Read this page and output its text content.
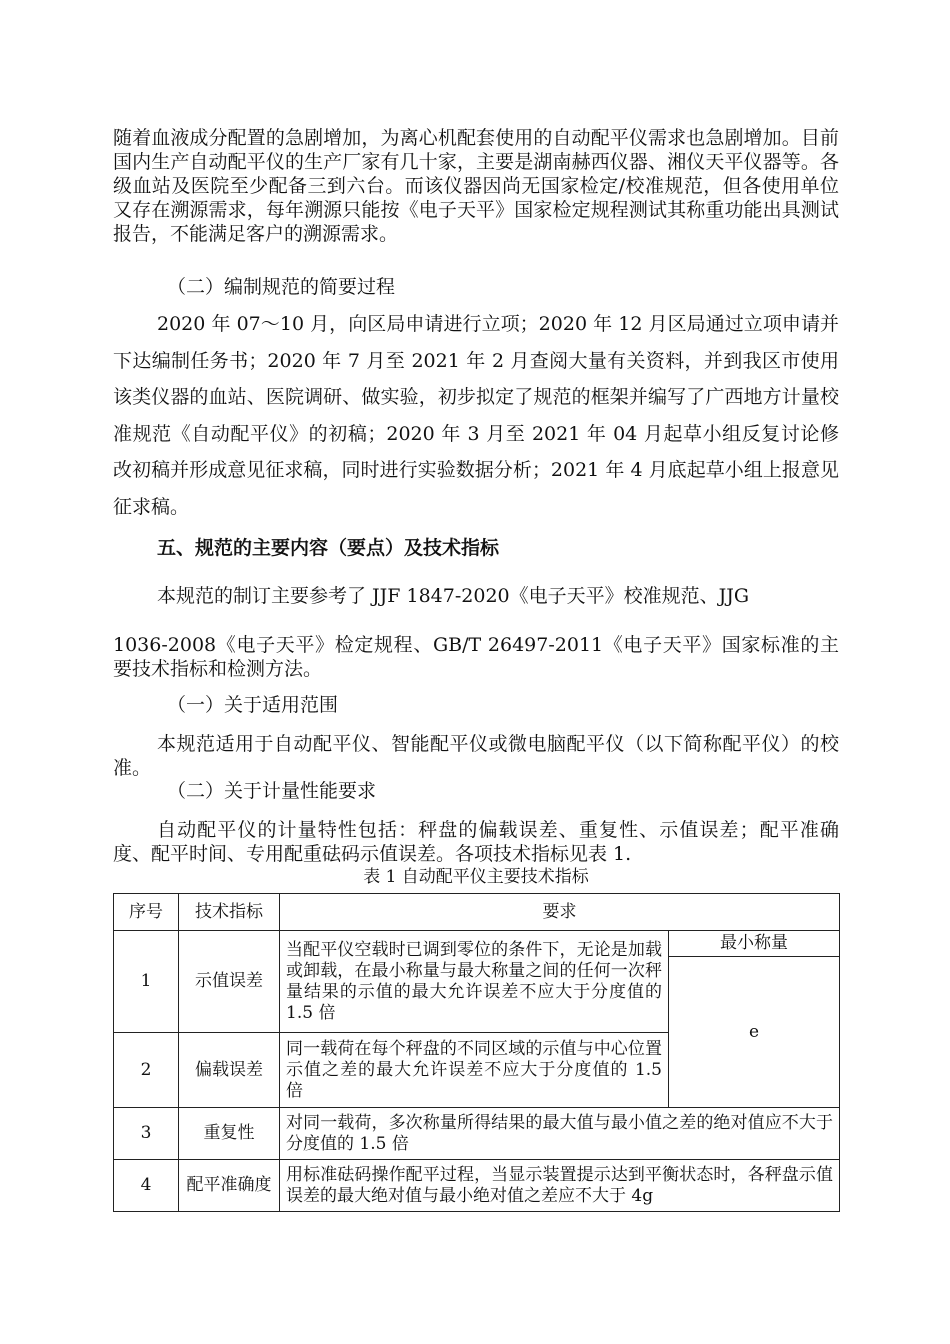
随着血液成分配置的急剧增加，为离心机配套使用的自动配平仪需求也急剧增加。目前国内生产自动配平仪的生产厂家有几十家，主要是湖南赫西仪器、湘仪天平仪器等。各级血站及医院至少配备三到六台。而该仪器因尚无国家检定/校准规范，但各使用单位又存在溯源需求，每年溯源只能按《电子天平》国家检定规程测试其称重功能出具测试报告，不能满足客户的溯源需求。

（二）编制规范的简要过程

2020 年 07～10 月，向区局申请进行立项；2020 年 12 月区局通过立项申请并下达编制任务书；2020 年 7 月至 2021 年 2 月查阅大量有关资料，并到我区市使用该类仪器的血站、医院调研、做实验，初步拟定了规范的框架并编写了广西地方计量校准规范《自动配平仪》的初稿；2020 年 3 月至 2021 年 04 月起草小组反复讨论修改初稿并形成意见征求稿，同时进行实验数据分析；2021 年 4 月底起草小组上报意见征求稿。

五、规范的主要内容（要点）及技术指标

本规范的制订主要参考了 JJF 1847-2020《电子天平》校准规范、JJG

1036-2008《电子天平》检定规程、GB/T 26497-2011《电子天平》国家标准的主要技术指标和检测方法。

（一）关于适用范围

本规范适用于自动配平仪、智能配平仪或微电脑配平仪（以下简称配平仪）的校准。

（二）关于计量性能要求

自动配平仪的计量特性包括：秤盘的偏载误差、重复性、示值误差；配平准确度、配平时间、专用配重砝码示值误差。各项技术指标见表 1.

表 1 自动配平仪主要技术指标
序号	技术指标	要求	
1	示值误差	当配平仪空载时已调到零位的条件下，无论是加载或卸载，在最小称量与最大称量之间的任何一次秤量结果的示值的最大允许误差不应大于分度值的 1.5 倍	最小称量
			e
2	偏载误差	同一载荷在每个秤盘的不同区域的示值与中心位置示值之差的最大允许误差不应大于分度值的 1.5 倍	

3	重复性	对同一载荷，多次称量所得结果的最大值与最小值之差的绝对值应不大于分度值的 1.5 倍	
4	配平准确度	用标准砝码操作配平过程，当显示装置提示达到平衡状态时，各秤盘示值误差的最大绝对值与最小绝对值之差应不大于 4g	
